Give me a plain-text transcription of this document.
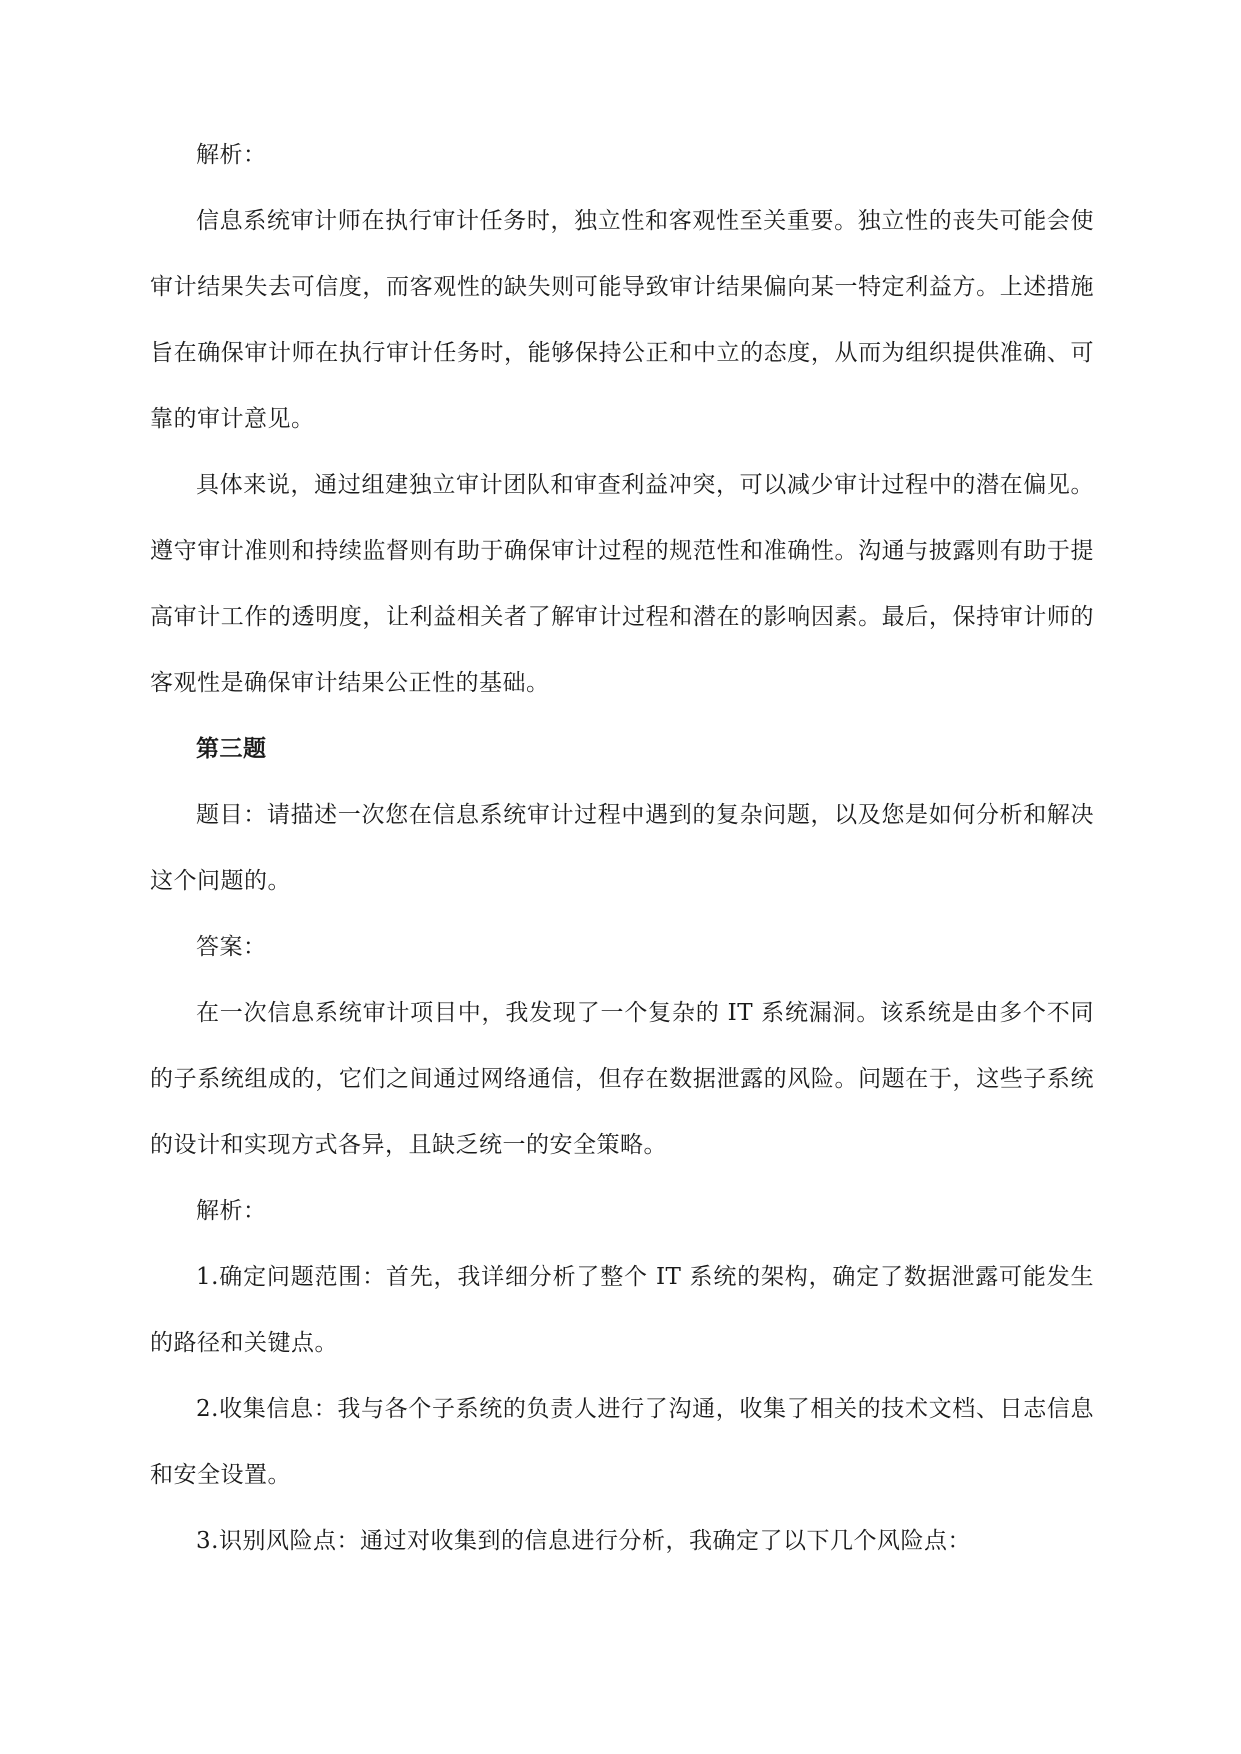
解析：

信息系统审计师在执行审计任务时，独立性和客观性至关重要。独立性的丧失可能会使审计结果失去可信度，而客观性的缺失则可能导致审计结果偏向某一特定利益方。上述措施旨在确保审计师在执行审计任务时，能够保持公正和中立的态度，从而为组织提供准确、可靠的审计意见。

具体来说，通过组建独立审计团队和审查利益冲突，可以减少审计过程中的潜在偏见。遵守审计准则和持续监督则有助于确保审计过程的规范性和准确性。沟通与披露则有助于提高审计工作的透明度，让利益相关者了解审计过程和潜在的影响因素。最后，保持审计师的客观性是确保审计结果公正性的基础。

第三题

题目：请描述一次您在信息系统审计过程中遇到的复杂问题，以及您是如何分析和解决这个问题的。

答案：

在一次信息系统审计项目中，我发现了一个复杂的 IT 系统漏洞。该系统是由多个不同的子系统组成的，它们之间通过网络通信，但存在数据泄露的风险。问题在于，这些子系统的设计和实现方式各异，且缺乏统一的安全策略。

解析：

1.确定问题范围：首先，我详细分析了整个 IT 系统的架构，确定了数据泄露可能发生的路径和关键点。

2.收集信息：我与各个子系统的负责人进行了沟通，收集了相关的技术文档、日志信息和安全设置。

3.识别风险点：通过对收集到的信息进行分析，我确定了以下几个风险点：
